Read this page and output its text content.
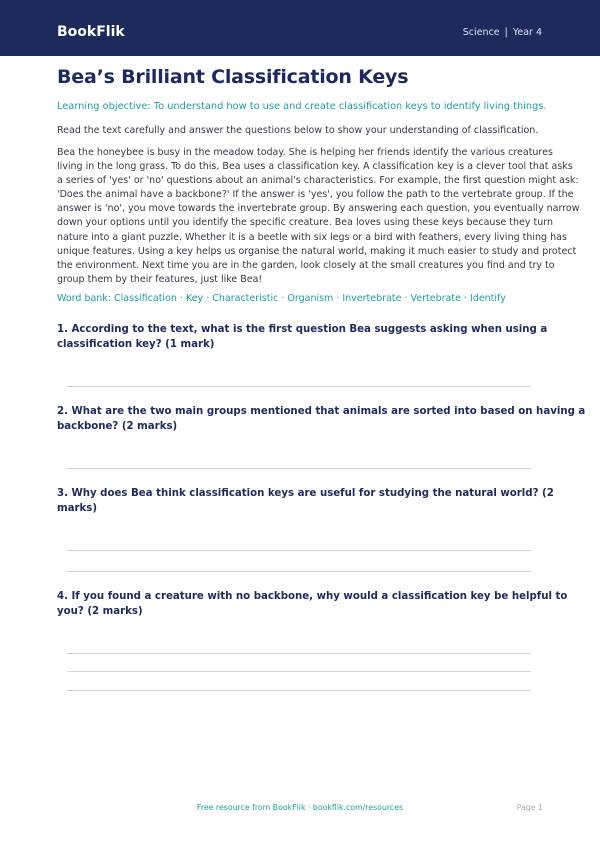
BookFlik	Science | Year 4
Bea’s Brilliant Classification Keys
Learning objective: To understand how to use and create classification keys to identify living things.
Read the text carefully and answer the questions below to show your understanding of classification.
Bea the honeybee is busy in the meadow today. She is helping her friends identify the various creatures
living in the long grass. To do this, Bea uses a classification key. A classification key is a clever tool that asks
a series of 'yes' or 'no' questions about an animal's characteristics. For example, the first question might ask:
'Does the animal have a backbone?' If the answer is 'yes', you follow the path to the vertebrate group. If the
answer is 'no', you move towards the invertebrate group. By answering each question, you eventually narrow
down your options until you identify the specific creature. Bea loves using these keys because they turn
nature into a giant puzzle. Whether it is a beetle with six legs or a bird with feathers, every living thing has
unique features. Using a key helps us organise the natural world, making it much easier to study and protect
the environment. Next time you are in the garden, look closely at the small creatures you find and try to
group them by their features, just like Bea!
Word bank: Classification · Key · Characteristic · Organism · Invertebrate · Vertebrate · Identify
1. According to the text, what is the first question Bea suggests asking when using a
classification key? (1 mark)
2. What are the two main groups mentioned that animals are sorted into based on having a
backbone? (2 marks)
3. Why does Bea think classification keys are useful for studying the natural world? (2
marks)
4. If you found a creature with no backbone, why would a classification key be helpful to
you? (2 marks)
Free resource from BookFlik · bookflik.com/resources	Page 1
